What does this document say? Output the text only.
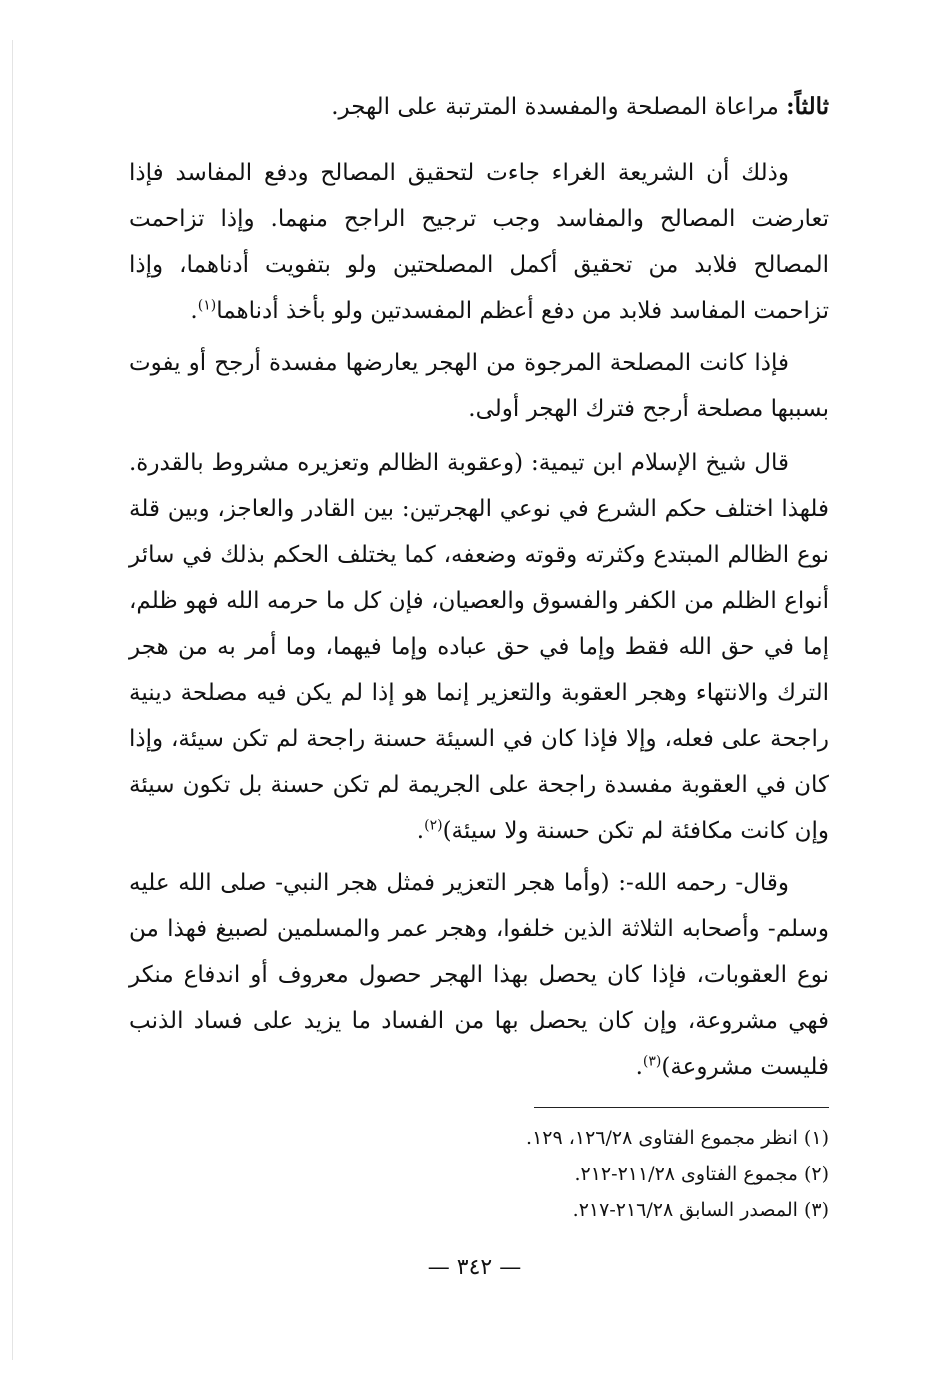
ثالثاً: مراعاة المصلحة والمفسدة المترتبة على الهجر.

وذلك أن الشريعة الغراء جاءت لتحقيق المصالح ودفع المفاسد فإذا تعارضت المصالح والمفاسد وجب ترجيح الراجح منهما. وإذا تزاحمت المصالح فلابد من تحقيق أكمل المصلحتين ولو بتفويت أدناهما، وإذا تزاحمت المفاسد فلابد من دفع أعظم المفسدتين ولو بأخذ أدناهما$^{(١)}$.

فإذا كانت المصلحة المرجوة من الهجر يعارضها مفسدة أرجح أو يفوت بسببها مصلحة أرجح فترك الهجر أولى.

قال شيخ الإسلام ابن تيمية: (وعقوبة الظالم وتعزيره مشروط بالقدرة. فلهذا اختلف حكم الشرع في نوعي الهجرتين: بين القادر والعاجز، وبين قلة نوع الظالم المبتدع وكثرته وقوته وضعفه، كما يختلف الحكم بذلك في سائر أنواع الظلم من الكفر والفسوق والعصيان، فإن كل ما حرمه الله فهو ظلم، إما في حق الله فقط وإما في حق عباده وإما فيهما، وما أمر به من هجر الترك والانتهاء وهجر العقوبة والتعزير إنما هو إذا لم يكن فيه مصلحة دينية راجحة على فعله، وإلا فإذا كان في السيئة حسنة راجحة لم تكن سيئة، وإذا كان في العقوبة مفسدة راجحة على الجريمة لم تكن حسنة بل تكون سيئة وإن كانت مكافئة لم تكن حسنة ولا سيئة)$^{(٢)}$.

وقال- رحمه الله-: (وأما هجر التعزير فمثل هجر النبي- صلى الله عليه وسلم- وأصحابه الثلاثة الذين خلفوا، وهجر عمر والمسلمين لصبيغ فهذا من نوع العقوبات، فإذا كان يحصل بهذا الهجر حصول معروف أو اندفاع منكر فهي مشروعة، وإن كان يحصل بها من الفساد ما يزيد على فساد الذنب فليست مشروعة)$^{(٣)}$.

(١) انظر مجموع الفتاوى ١٢٦/٢٨، ١٢٩.

(٢) مجموع الفتاوى ٢١١/٢٨-٢١٢.

(٣) المصدر السابق ٢١٦/٢٨-٢١٧.

— ٣٤٢ —
